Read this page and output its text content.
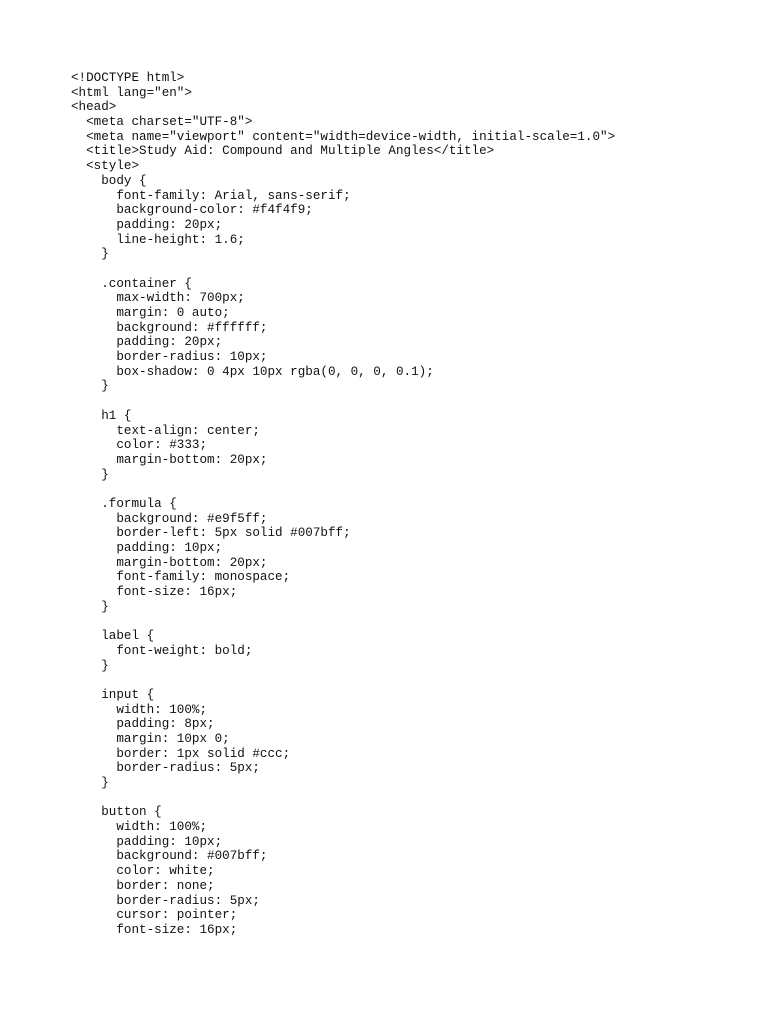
<!DOCTYPE html>
<html lang="en">
<head>
<meta charset="UTF-8">
<meta name="viewport" content="width=device-width, initial-scale=1.0">
<title>Study Aid: Compound and Multiple Angles</title>
<style>
body {
font-family: Arial, sans-serif;
background-color: #f4f4f9;
padding: 20px;
line-height: 1.6;
}
.container {
max-width: 700px;
margin: 0 auto;
background: #ffffff;
padding: 20px;
border-radius: 10px;
box-shadow: 0 4px 10px rgba(0, 0, 0, 0.1);
}
h1 {
text-align: center;
color: #333;
margin-bottom: 20px;
}
.formula {
background: #e9f5ff;
border-left: 5px solid #007bff;
padding: 10px;
margin-bottom: 20px;
font-family: monospace;
font-size: 16px;
}
label {
font-weight: bold;
}
input {
width: 100%;
padding: 8px;
margin: 10px 0;
border: 1px solid #ccc;
border-radius: 5px;
}
button {
width: 100%;
padding: 10px;
background: #007bff;
color: white;
border: none;
border-radius: 5px;
cursor: pointer;
font-size: 16px;
